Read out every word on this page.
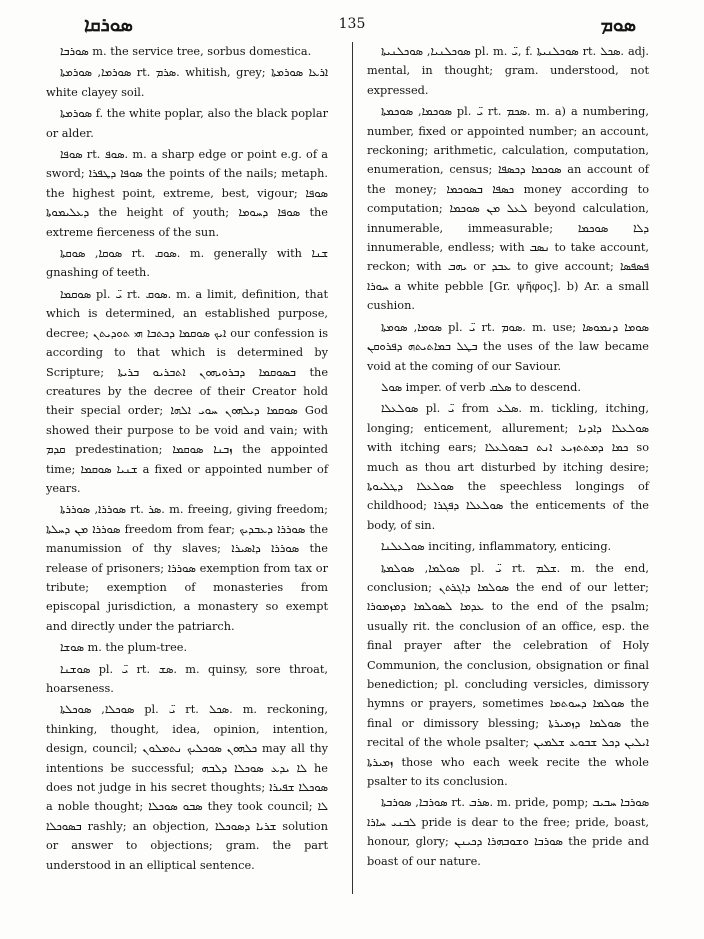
ܣܘܪܩܐ	135	ܣܘܡ

ܣܘܪܒܐ m. the service tree, sorbus domestica.

ܣܘܪܡܐ, ܣܘܪܡܬܐ rt. ܣܪܡ. whitish, grey; ܐܪܥܐ ܣܘܪܡܬܐ white clayey soil.

ܣܘܪܡܬܐ f. the white poplar, also the black poplar or alder.

ܣܘܦܐ rt. ܣܘܦ. m. a sharp edge or point e.g. of a sword; ܣܘܦܐ ܕܛܦܪܐ the points of the nails; metaph. the highest point, extreme, best, vigour; ܣܘܦܐ ܕܥܠܝܡܘܬܐ the height of youth; ܣܘܦܐ ܕܚܘܡܐ the extreme fierceness of the sun.

ܣܘܩܐ, ܣܘܩܬܐ rt. ܣܘܩ. m. generally with ܫܢܐ gnashing of teeth.

ܣܘܩܡܐ pl. ܝ̈ rt. ܣܘܩ. m. a limit, definition, that which is determined, an established purpose, decree; ܐܝܟ ܣܘܩܡܐ ܕܟܬܒܐ ܗܝ ܬܘܕܝܬܢ our confession is according to that which is determined by Scripture; ܒܣܘܩܡܐ ܕܒܪܘܝܗܘܢ ܐܬܒܪܝܘ ܒܪܝܬܐ the creatures by the decree of their Creator hold their special order; ܣܘܩܡܐ ܕܝܠܗܘܢ ܚܘܝ ܐܠܗܐ God showed their purpose to be void and vain; with ܩܕܡ predestination; ܙܒܢܐ ܣܘܩܡܐ the appointed time; ܫܢܝܐ ܣܘܩܡܐ a fixed or appointed number of years.

ܣܘܪܪܐ, ܣܘܪܪܬܐ rt. ܣܪ. m. freeing, giving freedom; ܣܘܪܪܐ ܡܢ ܕܚܠܬܐ freedom from fear; ܣܘܪܪܐ ܕܥܒܕܝܟ the manumission of thy slaves; ܣܘܪܪܐ ܕܐܣܝܪܐ the release of prisoners; ܣܘܪܪܐ exemption from tax or tribute; exemption of monasteries from episcopal jurisdiction, a monastery so exempt and directly under the patriarch.

ܣܘܫܐ m. the plum-tree.

ܣܘܫܢܐ pl. ܝ̈ rt. ܣܫ. m. quinsy, sore throat, hoarseness.

ܣܘܟܠܐ, ܣܘܟܠܬܐ pl. ܝ̈ rt. ܣܟܠ. m. reckoning, thinking, thought, idea, opinion, intention, design, council; ܟܠܗܘܢ ܣܘܟܠܝܟ ܢܬܡܠܘܢ may all thy intentions be successful; ܠܐ ܝܕܥ ܣܘܟܠܐ ܕܠܒܗ he does not judge in his secret thoughts; ܣܘܟܠܐ ܫܦܝܪܐ a noble thought; ܣܒܘ ܣܘܟܠܐ they took council; ܠܐ ܒܣܘܟܠܐ rashly; an objection, ܫܪܝܐ ܕܣܘܟܠܐ solution or answer to objections; gram. the part understood in an elliptical sentence.

ܣܘܟܠܢܝܐ, ܣܘܟܠܢܝܬܐ pl. m. ܝ̈, f. ܣܘܟܠܢܝܬܐ rt. ܣܟܠ. adj. mental, in thought; gram. understood, not expressed.

ܣܘܟܡܐ, ܣܘܟܡܬܐ pl. ܝ̈ rt. ܣܟܡ. m. a) a numbering, number, fixed or appointed number; an account, reckoning; arithmetic, calculation, computation, enumeration, census; ܣܘܟܡܐ ܕܟܣܦܐ an account of the money; ܟܣܦܐ ܒܣܘܟܡܐ money according to computation; ܠܥܠ ܡܢ ܣܘܟܡܐ beyond calculation, innumerable, immeasurable; ܕܠܐ ܣܘܟܡܐ innumerable, endless; with ܢܣܒ to take account, reckon; with ܝܗܒ or ܥܒܕ to give account; ܦܣܦܣܐ ܚܘܪܐ a white pebble [Gr. ψῆφος]. b) Ar. a small cushion.

ܣܘܡܐ, ܣܘܡܬܐ pl. ܝ̈ rt. ܣܘܡ. m. use; ܣܘܡܐ ܕܢܡܘܣܐ ܒܛܠ ܒܡܐܬܝܬܗ ܕܦܪܘܩܢ the uses of the law became void at the coming of our Saviour.

ܣܘܠ imper. of verb ܣܠܩ to descend.

ܣܘܠܥܠܐ pl. ܝ̈ from ܣܠܥ. m. tickling, itching, longing; enticement, allurement; ܣܘܠܥܠܐ ܕܐܕܢܐ with itching ears; ܟܡܐ ܕܡܬܬܙܝܥ ܐܢܬ ܒܣܘܠܥܠܐ so much as thou art disturbed by itching desire; ܣܘܠܥܠܐ ܕܛܠܝܘܬܐ the speechless longings of childhood; ܣܘܠܥܠܐ ܕܦܓܪܐ the enticements of the body, of sin.

ܣܘܠܥܠܢܐ inciting, inflammatory, enticing.

ܣܘܠܡܐ, ܣܘܠܡܬܐ pl. ܝ̈ rt. ܫܠܡ. m. the end, conclusion; ܣܘܠܡܐ ܕܐܓܪܬܢ the end of our letter; ܥܕܡܐ ܠܣܘܠܡܐ ܕܡܙܡܘܪܐ to the end of the psalm; usually rit. the conclusion of an office, esp. the final prayer after the celebration of Holy Communion, the conclusion, obsignation or final benediction; pl. concluding versicles, dimissory hymns or prayers, sometimes ܣܘܠܡܐ ܕܚܘܬܡܐ the final or dimissory blessing; ܣܘܠܡܐ ܕܙܡܝܪܬܐ the recital of the whole psalter; ܐܝܠܝܢ ܕܟܠ ܫܒܘܥ ܫܠܡܝܢ ܙܡܝܪܬܐ those who each week recite the whole psalter to its conclusion.

ܣܘܪܒܐ, ܣܘܪܒܬܐ rt. ܣܪܒ. m. pride, pomp; ܣܘܪܒܐ ܚܒܝܒ ܠܒܢܝ ܚܐܪܐ pride is dear to the free; pride, boast, honour, glory; ܣܘܪܒܐ ܘܫܘܒܗܪܐ ܕܟܝܢܢ the pride and boast of our nature.
